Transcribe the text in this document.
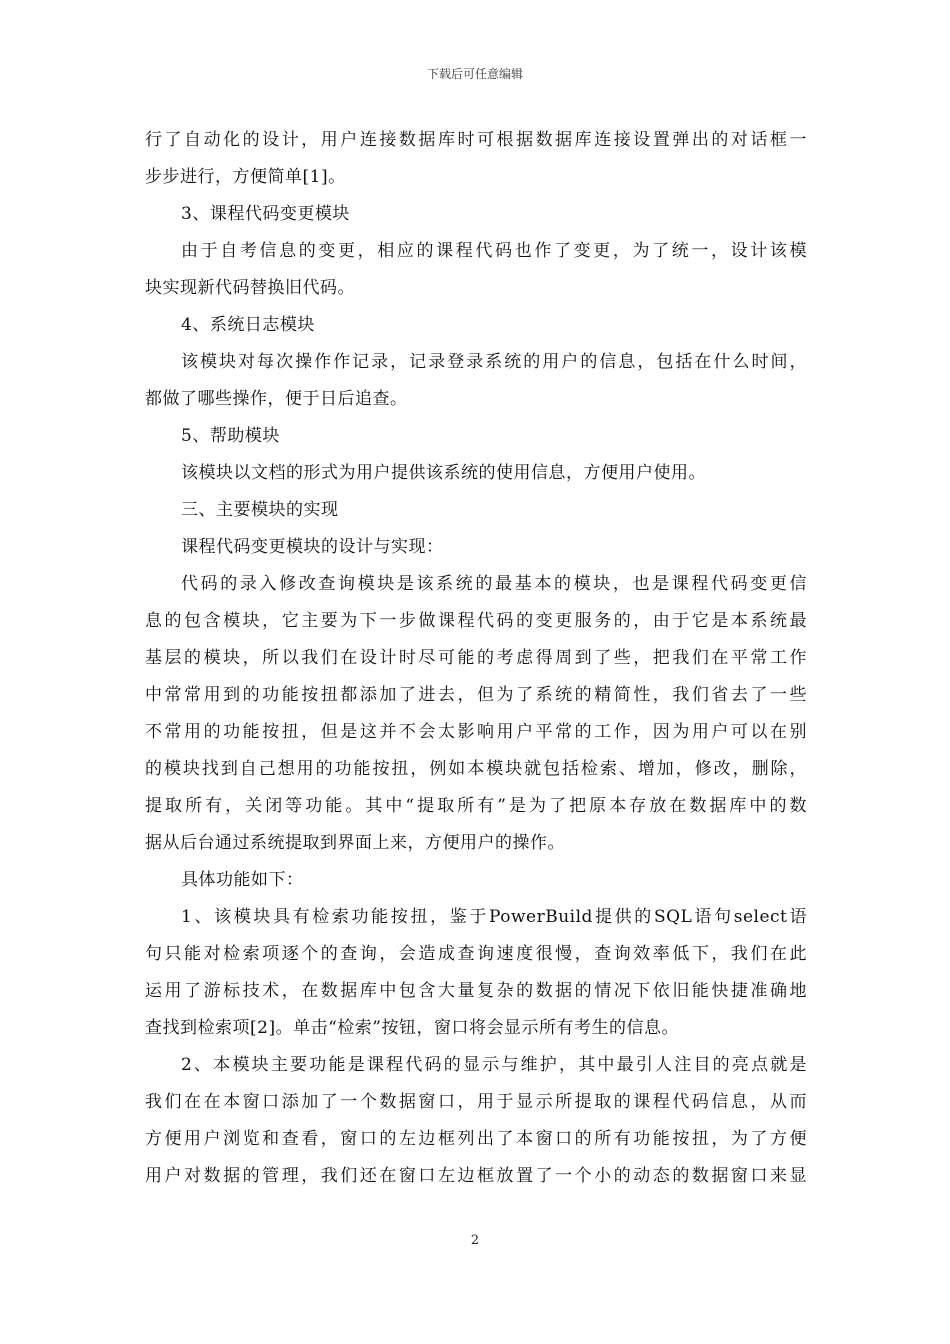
下载后可任意编辑
行了自动化的设计，用户连接数据库时可根据数据库连接设置弹出的对话框一
步步进行，方便简单[1]。
3、课程代码变更模块
由于自考信息的变更，相应的课程代码也作了变更，为了统一，设计该模
块实现新代码替换旧代码。
4、系统日志模块
该模块对每次操作作记录，记录登录系统的用户的信息，包括在什么时间，
都做了哪些操作，便于日后追查。
5、帮助模块
该模块以文档的形式为用户提供该系统的使用信息，方便用户使用。
三、主要模块的实现
课程代码变更模块的设计与实现：
代码的录入修改查询模块是该系统的最基本的模块，也是课程代码变更信
息的包含模块，它主要为下一步做课程代码的变更服务的，由于它是本系统最
基层的模块，所以我们在设计时尽可能的考虑得周到了些，把我们在平常工作
中常常用到的功能按扭都添加了进去，但为了系统的精简性，我们省去了一些
不常用的功能按扭，但是这并不会太影响用户平常的工作，因为用户可以在别
的模块找到自己想用的功能按扭，例如本模块就包括检索、增加，修改，删除，
提取所有，关闭等功能。其中“提取所有”是为了把原本存放在数据库中的数
据从后台通过系统提取到界面上来，方便用户的操作。
具体功能如下：
1、该模块具有检索功能按扭，鉴于PowerBuild提供的SQL语句select语
句只能对检索项逐个的查询，会造成查询速度很慢，查询效率低下，我们在此
运用了游标技术，在数据库中包含大量复杂的数据的情况下依旧能快捷准确地
查找到检索项[2]。单击“检索”按钮，窗口将会显示所有考生的信息。
2、本模块主要功能是课程代码的显示与维护，其中最引人注目的亮点就是
我们在在本窗口添加了一个数据窗口，用于显示所提取的课程代码信息，从而
方便用户浏览和查看，窗口的左边框列出了本窗口的所有功能按扭，为了方便
用户对数据的管理，我们还在窗口左边框放置了一个小的动态的数据窗口来显
2
